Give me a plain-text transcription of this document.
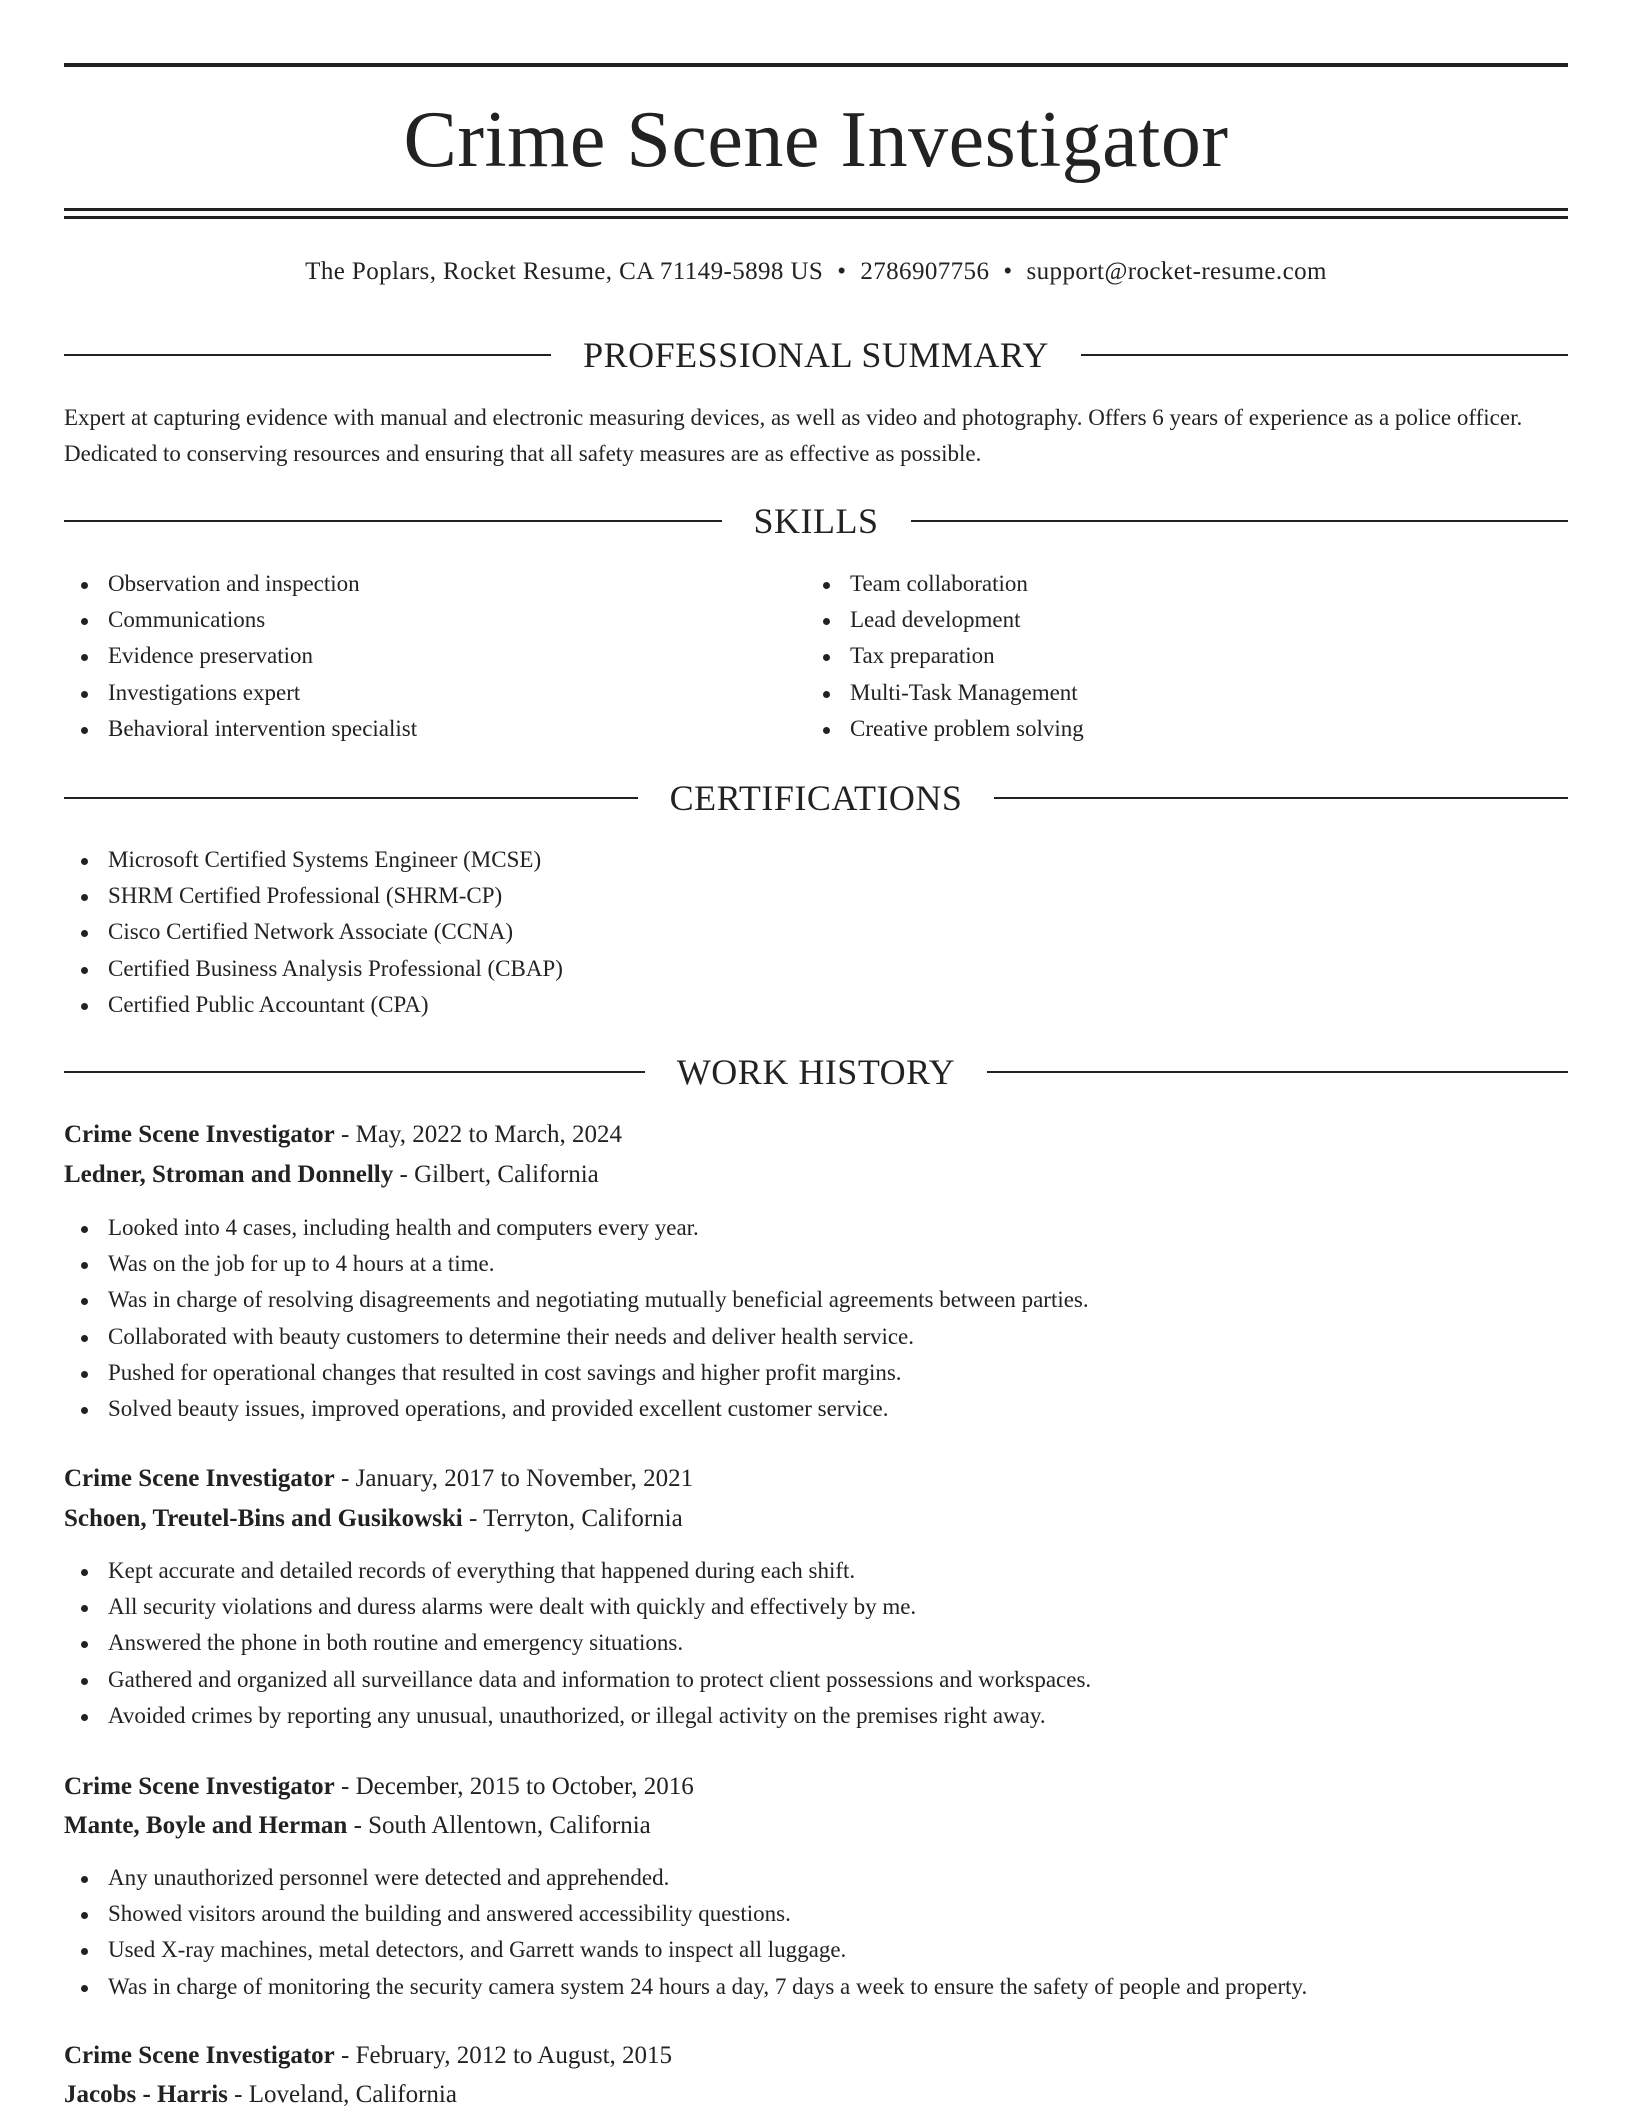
Crime Scene Investigator
The Poplars, Rocket Resume, CA 71149-5898 US • 2786907756 • support@rocket-resume.com
PROFESSIONAL SUMMARY

Expert at capturing evidence with manual and electronic measuring devices, as well as video and photography. Offers 6 years of experience as a police officer. Dedicated to conserving resources and ensuring that all safety measures are as effective as possible.

SKILLS
Observation and inspection
Communications
Evidence preservation
Investigations expert
Behavioral intervention specialist
Team collaboration
Lead development
Tax preparation
Multi-Task Management
Creative problem solving
CERTIFICATIONS
Microsoft Certified Systems Engineer (MCSE)
SHRM Certified Professional (SHRM-CP)
Cisco Certified Network Associate (CCNA)
Certified Business Analysis Professional (CBAP)
Certified Public Accountant (CPA)
WORK HISTORY
Crime Scene Investigator - May, 2022 to March, 2024
Ledner, Stroman and Donnelly - Gilbert, California
Looked into 4 cases, including health and computers every year.
Was on the job for up to 4 hours at a time.
Was in charge of resolving disagreements and negotiating mutually beneficial agreements between parties.
Collaborated with beauty customers to determine their needs and deliver health service.
Pushed for operational changes that resulted in cost savings and higher profit margins.
Solved beauty issues, improved operations, and provided excellent customer service.
Crime Scene Investigator - January, 2017 to November, 2021
Schoen, Treutel-Bins and Gusikowski - Terryton, California
Kept accurate and detailed records of everything that happened during each shift.
All security violations and duress alarms were dealt with quickly and effectively by me.
Answered the phone in both routine and emergency situations.
Gathered and organized all surveillance data and information to protect client possessions and workspaces.
Avoided crimes by reporting any unusual, unauthorized, or illegal activity on the premises right away.
Crime Scene Investigator - December, 2015 to October, 2016
Mante, Boyle and Herman - South Allentown, California
Any unauthorized personnel were detected and apprehended.
Showed visitors around the building and answered accessibility questions.
Used X-ray machines, metal detectors, and Garrett wands to inspect all luggage.
Was in charge of monitoring the security camera system 24 hours a day, 7 days a week to ensure the safety of people and property.
Crime Scene Investigator - February, 2012 to August, 2015
Jacobs - Harris - Loveland, California
